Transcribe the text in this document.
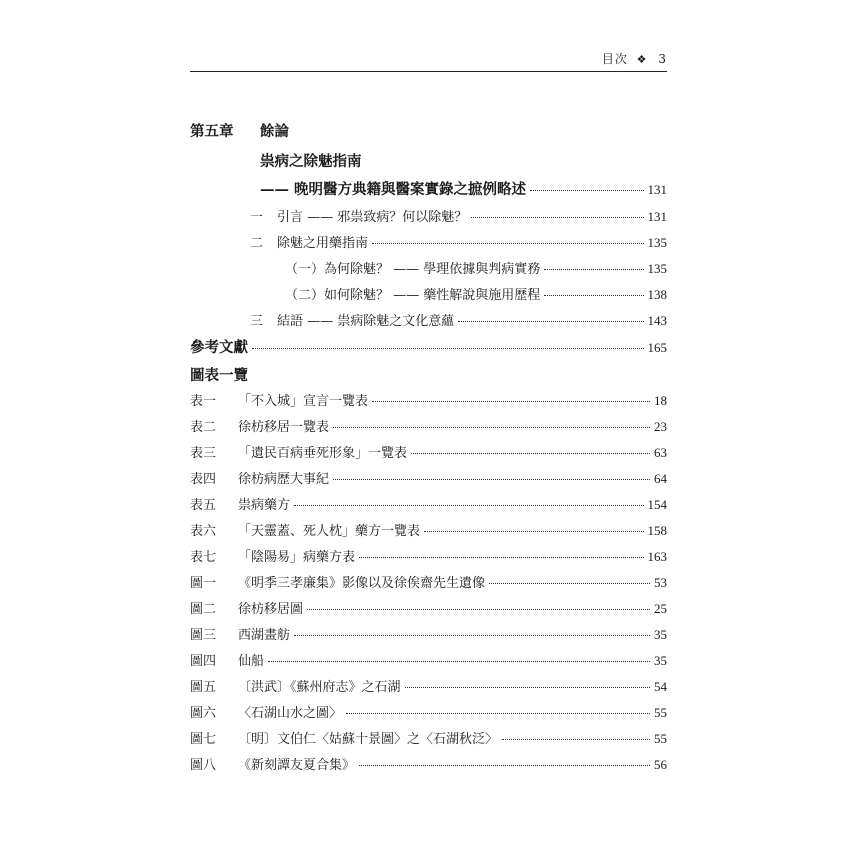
目次 ❖ 3
第五章	餘論
祟病之除魅指南
—— 晚明醫方典籍與醫案實錄之摭例略述	131
一 引言 —— 邪祟致病？何以除魅？	131
二 除魅之用藥指南	135
（一）為何除魅？ —— 學理依據與判病實務	135
（二）如何除魅？ —— 藥性解說與施用歷程	138
三 結語 —— 祟病除魅之文化意蘊	143
參考文獻	165
圖表一覽
表一	「不入城」宣言一覽表	18
表二	徐枋移居一覽表	23
表三	「遺民百病垂死形象」一覽表	63
表四	徐枋病歷大事紀	64
表五	祟病藥方	154
表六	「天靈蓋、死人枕」藥方一覽表	158
表七	「陰陽易」病藥方表	163
圖一	《明季三孝廉集》影像以及徐俟齋先生遺像	53
圖二	徐枋移居圖	25
圖三	西湖畫舫	35
圖四	仙船	35
圖五	〔洪武〕《蘇州府志》之石湖	54
圖六	〈石湖山水之圖〉	55
圖七	〔明〕文伯仁〈姑蘇十景圖〉之〈石湖秋泛〉	55
圖八	《新刻譚友夏合集》	56
